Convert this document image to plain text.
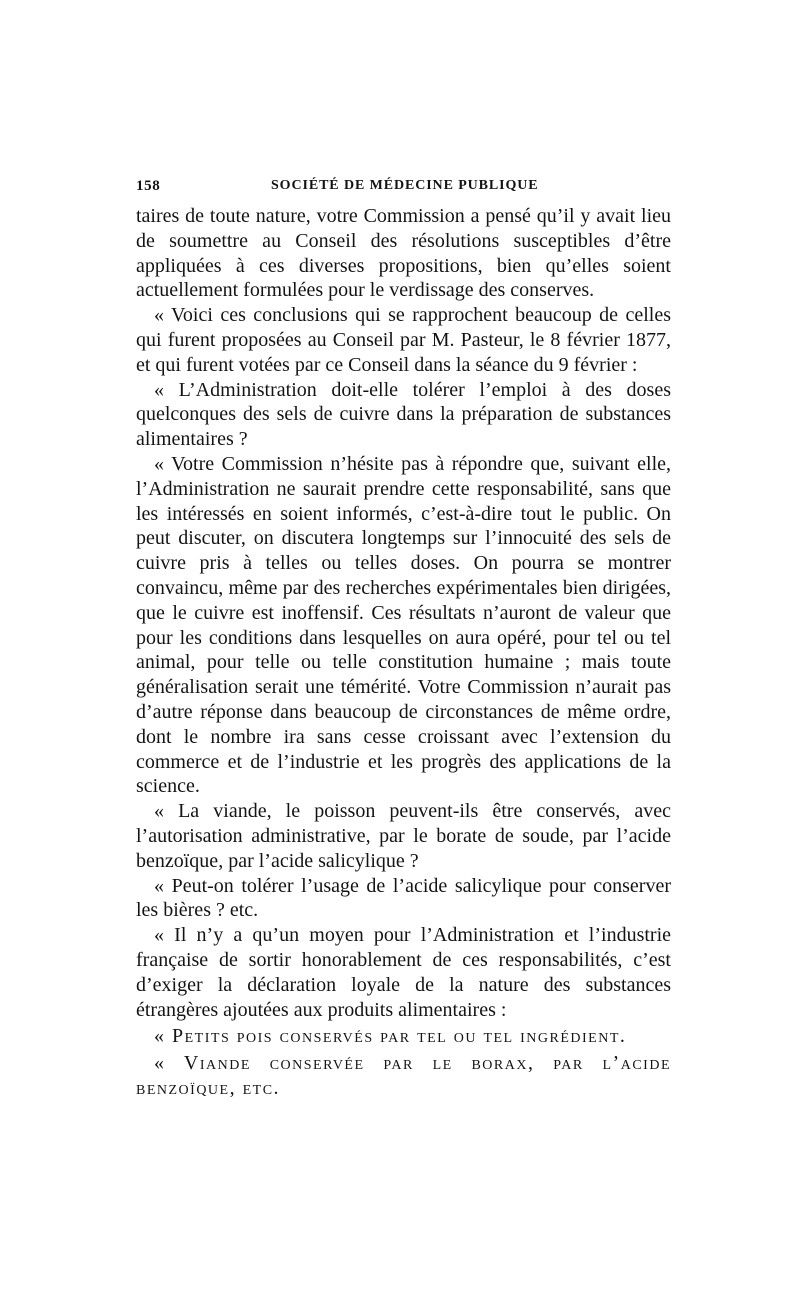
158	SOCIÉTÉ DE MÉDECINE PUBLIQUE

taires de toute nature, votre Commission a pensé qu’il y avait lieu de soumettre au Conseil des résolutions susceptibles d’être appliquées à ces diverses propositions, bien qu’elles soient actuellement formulées pour le verdissage des conserves.

« Voici ces conclusions qui se rapprochent beaucoup de celles qui furent proposées au Conseil par M. Pasteur, le 8 février 1877, et qui furent votées par ce Conseil dans la séance du 9 février :

« L’Administration doit-elle tolérer l’emploi à des doses quelconques des sels de cuivre dans la préparation de substances alimentaires ?

« Votre Commission n’hésite pas à répondre que, suivant elle, l’Administration ne saurait prendre cette responsabilité, sans que les intéressés en soient informés, c’est-à-dire tout le public. On peut discuter, on discutera longtemps sur l’innocuité des sels de cuivre pris à telles ou telles doses. On pourra se montrer convaincu, même par des recherches expérimentales bien dirigées, que le cuivre est inoffensif. Ces résultats n’auront de valeur que pour les conditions dans lesquelles on aura opéré, pour tel ou tel animal, pour telle ou telle constitution humaine ; mais toute généralisation serait une témérité. Votre Commission n’aurait pas d’autre réponse dans beaucoup de circonstances de même ordre, dont le nombre ira sans cesse croissant avec l’extension du commerce et de l’industrie et les progrès des applications de la science.

« La viande, le poisson peuvent-ils être conservés, avec l’autorisation administrative, par le borate de soude, par l’acide benzoïque, par l’acide salicylique ?

« Peut-on tolérer l’usage de l’acide salicylique pour conserver les bières ? etc.

« Il n’y a qu’un moyen pour l’Administration et l’industrie française de sortir honorablement de ces responsabilités, c’est d’exiger la déclaration loyale de la nature des substances étrangères ajoutées aux produits alimentaires :

« Petits pois conservés par tel ou tel ingrédient.

« Viande conservée par le borax, par l’acide benzoïque, etc.
